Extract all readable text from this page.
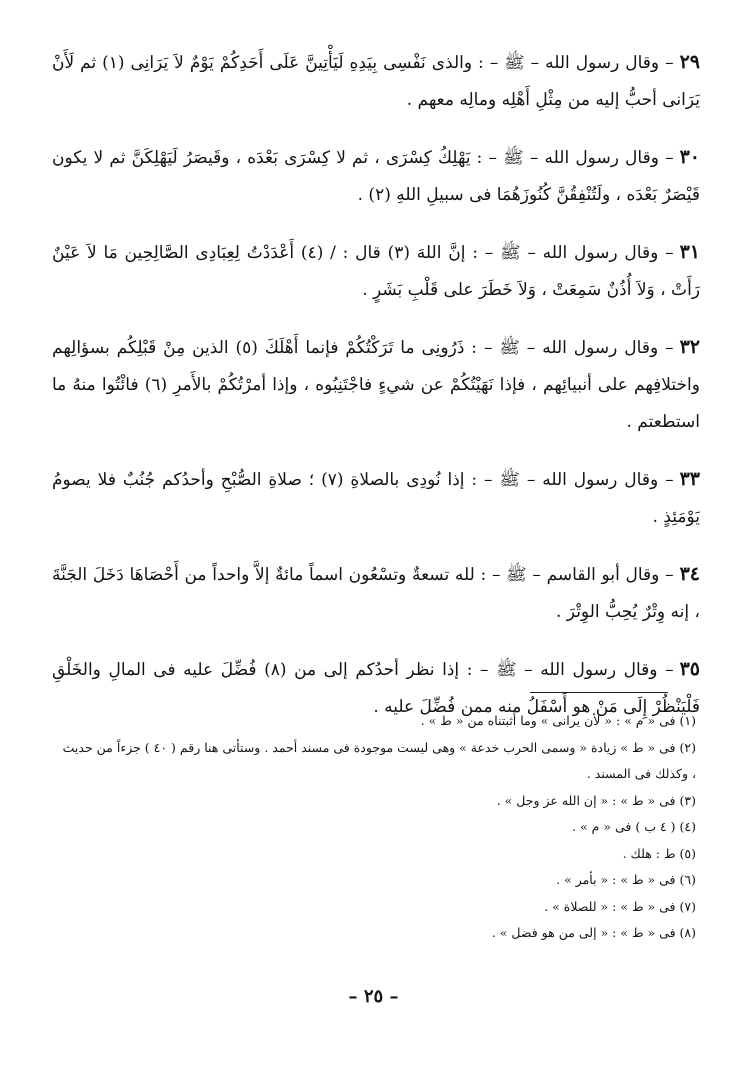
٢٩– وقال رسول الله – ﷺ – : والذى نَفْسِى بِيَدِهِ لَيَأْتِينَّ عَلَى أَحَدِكُمْ يَوْمٌ لاَ يَرَانِى (١) ثم لَأَنْ يَرَانى أحبُّ إليه من مِثْلِ أَهْلِه ومالِه معهم .

٣٠– وقال رسول الله – ﷺ – : يَهْلِكُ كِسْرَى ، ثم لا كِسْرَى بَعْدَه ، وقَيصَرُ لَيَهْلِكَنَّ ثم لا يكون قَيْصَرٌ بَعْدَه ، ولَتُنْفِقُنَّ كُنُوزَهُمَا فى سبيلِ اللهِ (٢) .

٣١– وقال رسول الله – ﷺ – : إنَّ اللهَ (٣) قال : / (٤) أَعْدَدْتُ لِعِبَادِى الصَّالِحِين مَا لاَ عَيْنٌ رَأَتْ ، وَلاَ أُذُنٌ سَمِعَتْ ، وَلاَ خَطَرَ على قَلْبِ بَشَرٍ .

٣٢– وقال رسول الله – ﷺ – : ذَرُونِى ما تَرَكْتُكُمْ فإنما أَهْلَكَ (٥) الذين مِنْ قَبْلِكُم بسؤالِهم واختلافِهم على أنبيائِهم ، فإذا نَهَيْتُكُمْ عن شيءٍ فاجْتَنِبُوه ، وإذا أمرْتُكُمْ بالأَمرِ (٦) فائْتُوا منهُ ما استطعتم .

٣٣– وقال رسول الله – ﷺ – : إذا نُودِى بالصلاةِ (٧) ؛ صلاةِ الصُّبْحِ وأحدُكم جُنُبٌ فلا يصومُ يَوْمَئِذٍ .

٣٤– وقال أبو القاسم – ﷺ – : لله تسعةٌ وتسْعُون اسماً مائةٌ إلاَّ واحداً من أَحْصَاهَا دَخَلَ الجَنَّةَ ، إنه وِتْرٌ يُحِبُّ الوِتْرَ .

٣٥– وقال رسول الله – ﷺ – : إذا نظر أحدُكم إلى من (٨) فُضِّلَ عليه فى المالِ والخَلْقِ فَلْيَنْظُرْ إِلَى مَنْ هو أَسْفَلُ منه ممن فُضِّلَ عليه .

(١) فى « م » : « لأن يرانى » وما أثبتناه من « ط » .

(٢) فى « ط » زيادة « وسمى الحرب خدعة » وهى ليست موجودة فى مسند أحمد . وستأتى هنا رقم ( ٤٠ ) جزءاً من حديث ، وكذلك فى المسند .

(٣) فى « ط » : « إن الله عز وجل » .

(٤) ( ٤ ب ) فى « م » .

(٥) ط : هلك .

(٦) فى « ط » : « بأمر » .

(٧) فى « ط » : « للصلاة » .

(٨) فى « ط » : « إلى من هو فضل » .

– ٢٥ –
